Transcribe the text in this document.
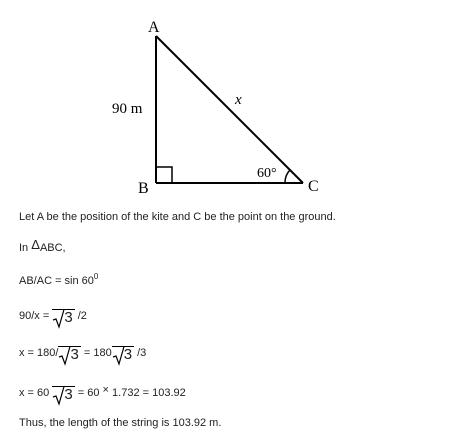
A
B	C
90 m
x
60°
Let A be the position of the kite and C be the point on the ground.
In ΔABC,
$AB/AC = \sin 60^0$
90/x = 3 /2
x = 180/ 3 = 180 3 /3
x = 60 3 = 60 × 1.732 = 103.92
Thus, the length of the string is 103.92 m.
